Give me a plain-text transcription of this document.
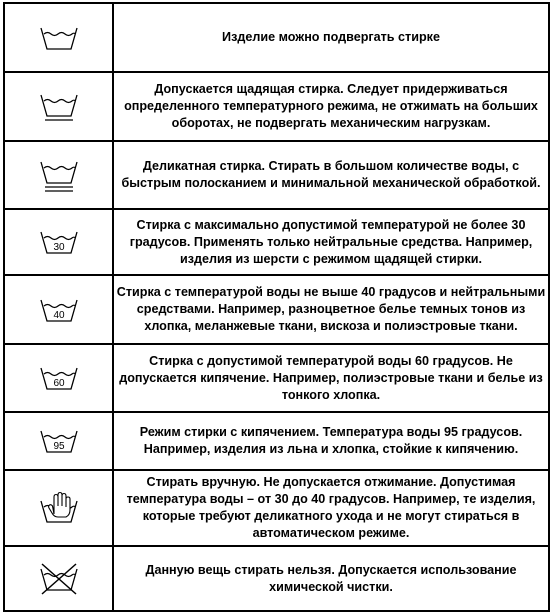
	Изделие можно подвергать стирке

	Допускается щадящая стирка. Следует придерживаться определенного температурного режима, не отжимать на больших оборотах, не подвергать механическим нагрузкам.

	Деликатная стирка. Стирать в большом количестве воды, с быстрым полосканием и минимальной механической обработкой.

30	Стирка с максимально допустимой температурой не более 30 градусов. Применять только нейтральные средства. Например, изделия из шерсти с режимом щадящей стирки.

40	Стирка с температурой воды не выше 40 градусов и нейтральными средствами. Например, разноцветное белье темных тонов из хлопка, меланжевые ткани, вискоза и полиэстровые ткани.

60	Стирка с допустимой температурой воды 60 градусов. Не допускается кипячение. Например, полиэстровые ткани и белье из тонкого хлопка.

95	Режим стирки с кипячением. Температура воды 95 градусов. Например, изделия из льна и хлопка, стойкие к кипячению.

	Стирать вручную. Не допускается отжимание. Допустимая температура воды – от 30 до 40 градусов. Например, те изделия, которые требуют деликатного ухода и не могут стираться в автоматическом режиме.

	Данную вещь стирать нельзя. Допускается использование химической чистки.
